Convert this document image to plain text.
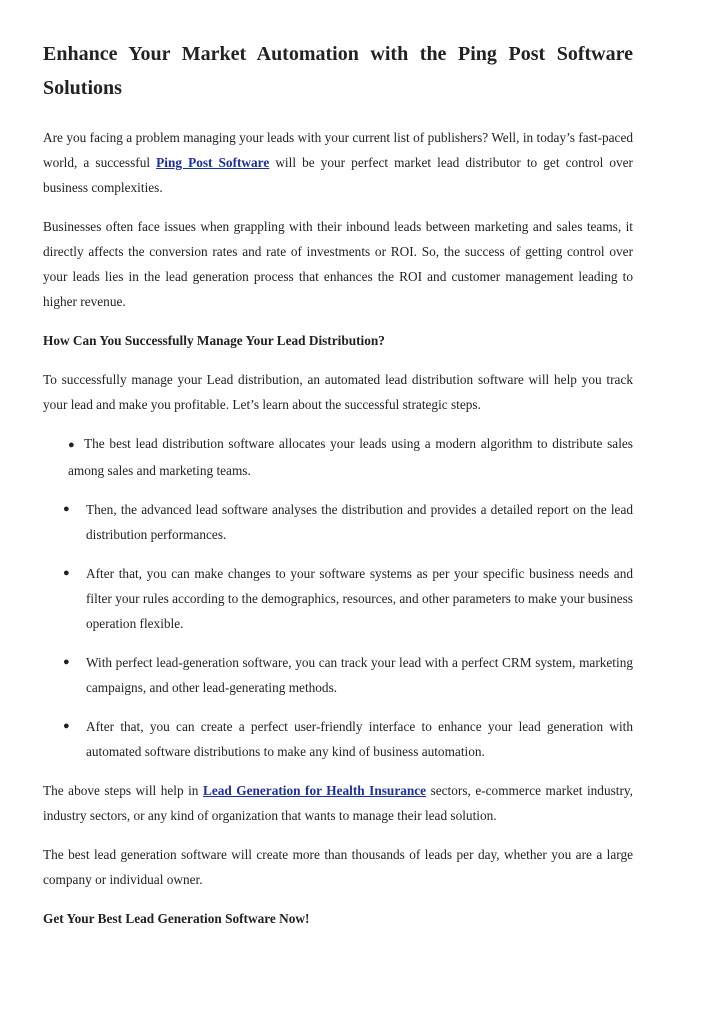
Enhance Your Market Automation with the Ping Post Software Solutions

Are you facing a problem managing your leads with your current list of publishers? Well, in today’s fast-paced world, a successful Ping Post Software will be your perfect market lead distributor to get control over business complexities.

Businesses often face issues when grappling with their inbound leads between marketing and sales teams, it directly affects the conversion rates and rate of investments or ROI. So, the success of getting control over your leads lies in the lead generation process that enhances the ROI and customer management leading to higher revenue.

How Can You Successfully Manage Your Lead Distribution?

To successfully manage your Lead distribution, an automated lead distribution software will help you track your lead and make you profitable. Let’s learn about the successful strategic steps.

● The best lead distribution software allocates your leads using a modern algorithm to distribute sales among sales and marketing teams.
● Then, the advanced lead software analyses the distribution and provides a detailed report on the lead distribution performances.
● After that, you can make changes to your software systems as per your specific business needs and filter your rules according to the demographics, resources, and other parameters to make your business operation flexible.
● With perfect lead-generation software, you can track your lead with a perfect CRM system, marketing campaigns, and other lead-generating methods.
● After that, you can create a perfect user-friendly interface to enhance your lead generation with automated software distributions to make any kind of business automation.

The above steps will help in Lead Generation for Health Insurance sectors, e-commerce market industry, industry sectors, or any kind of organization that wants to manage their lead solution.

The best lead generation software will create more than thousands of leads per day, whether you are a large company or individual owner.

Get Your Best Lead Generation Software Now!
